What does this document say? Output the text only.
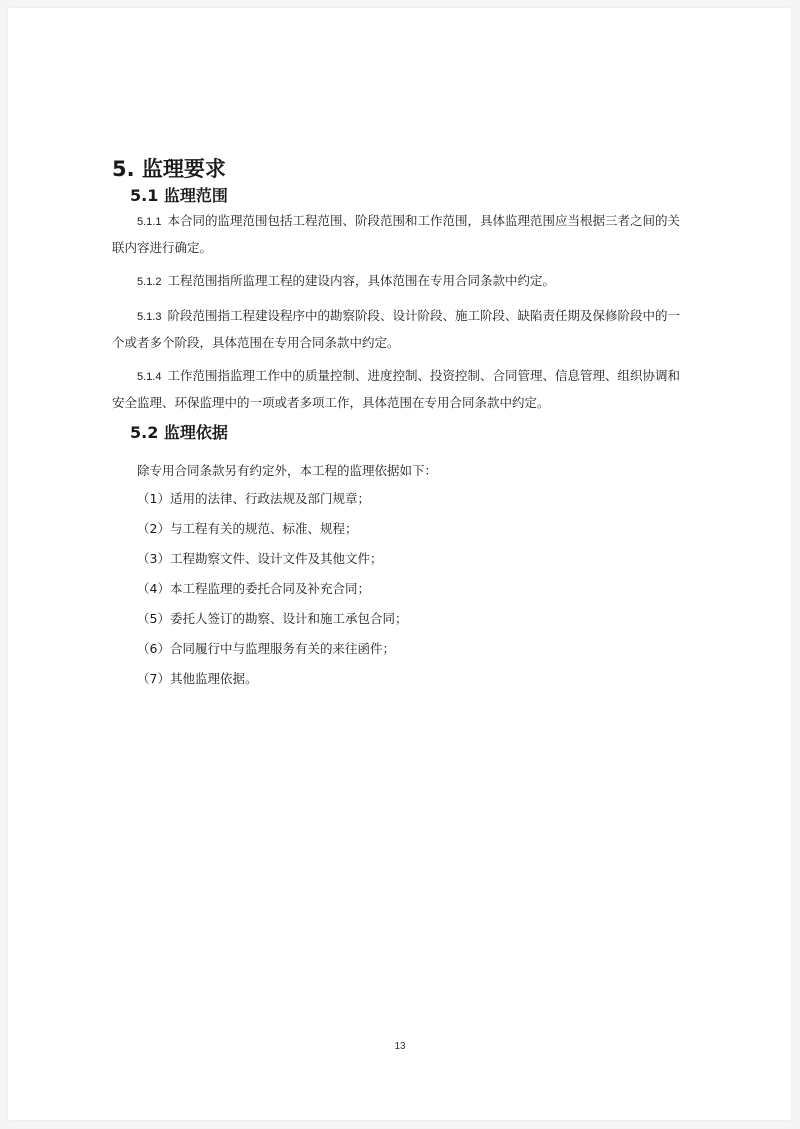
5. 监理要求
5.1 监理范围

5.1.1 本合同的监理范围包括工程范围、阶段范围和工作范围，具体监理范围应当根据三者之间的关联内容进行确定。

5.1.2 工程范围指所监理工程的建设内容，具体范围在专用合同条款中约定。

5.1.3 阶段范围指工程建设程序中的勘察阶段、设计阶段、施工阶段、缺陷责任期及保修阶段中的一个或者多个阶段，具体范围在专用合同条款中约定。

5.1.4 工作范围指监理工作中的质量控制、进度控制、投资控制、合同管理、信息管理、组织协调和安全监理、环保监理中的一项或者多项工作，具体范围在专用合同条款中约定。

5.2 监理依据

除专用合同条款另有约定外，本工程的监理依据如下：

（1）适用的法律、行政法规及部门规章；
（2）与工程有关的规范、标准、规程；
（3）工程勘察文件、设计文件及其他文件；
（4）本工程监理的委托合同及补充合同；
（5）委托人签订的勘察、设计和施工承包合同；
（6）合同履行中与监理服务有关的来往函件；
（7）其他监理依据。
13
